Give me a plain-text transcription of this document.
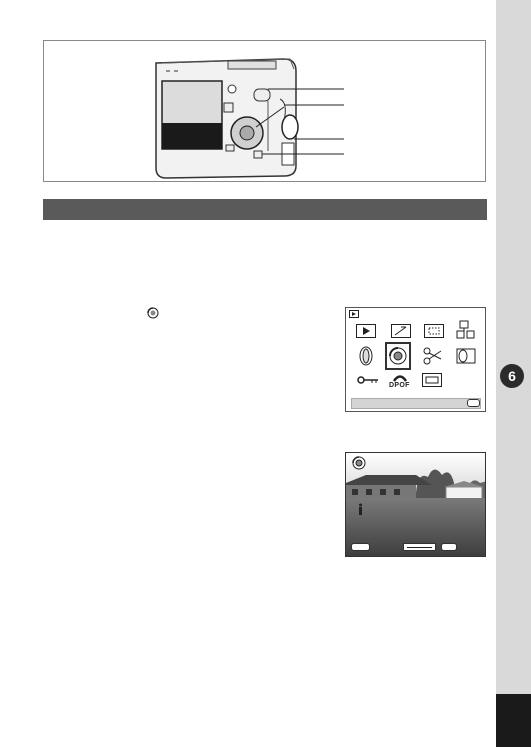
6
DPOF
